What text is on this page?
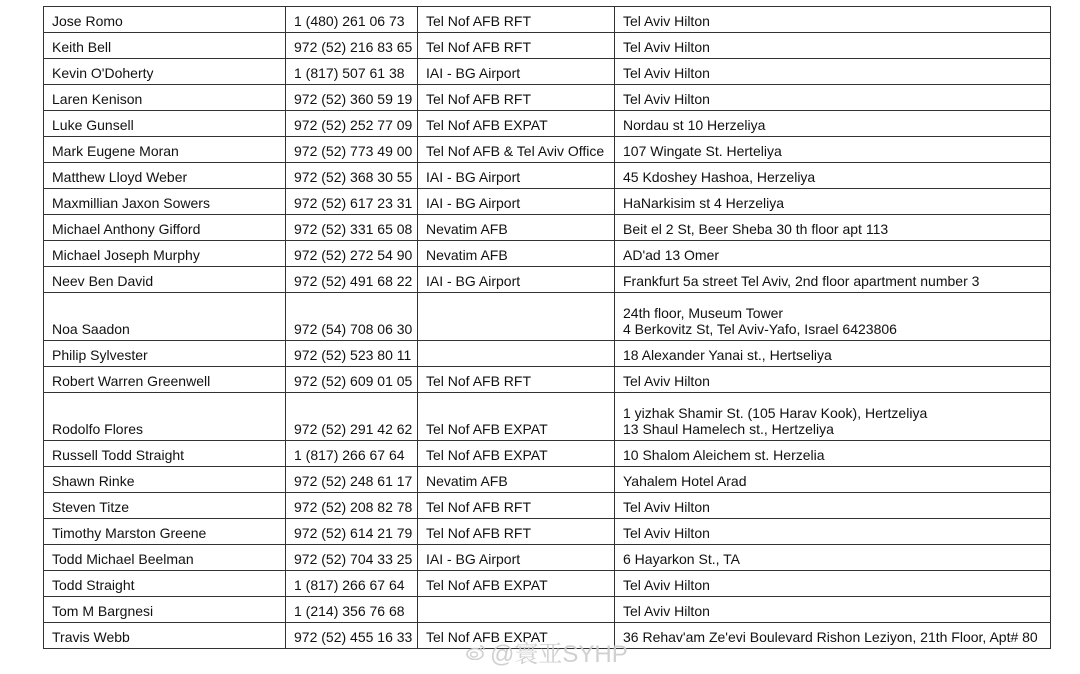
Jose Romo	1 (480) 261 06 73	Tel Nof AFB RFT	Tel Aviv Hilton

Keith Bell	972 (52) 216 83 65	Tel Nof AFB RFT	Tel Aviv Hilton

Kevin O'Doherty	1 (817) 507 61 38	IAI - BG Airport	Tel Aviv Hilton

Laren Kenison	972 (52) 360 59 19	Tel Nof AFB RFT	Tel Aviv Hilton

Luke Gunsell	972 (52) 252 77 09	Tel Nof AFB EXPAT	Nordau st 10 Herzeliya

Mark Eugene Moran	972 (52) 773 49 00	Tel Nof AFB & Tel Aviv Office	107 Wingate St. Herteliya

Matthew Lloyd Weber	972 (52) 368 30 55	IAI - BG Airport	45 Kdoshey Hashoa, Herzeliya

Maxmillian Jaxon Sowers	972 (52) 617 23 31	IAI - BG Airport	HaNarkisim st 4 Herzeliya

Michael Anthony Gifford	972 (52) 331 65 08	Nevatim AFB	Beit el 2 St, Beer Sheba 30 th floor apt 113

Michael Joseph Murphy	972 (52) 272 54 90	Nevatim AFB	AD'ad 13 Omer

Neev Ben David	972 (52) 491 68 22	IAI - BG Airport	Frankfurt 5a street Tel Aviv, 2nd floor apartment number 3

Noa Saadon	972 (54) 708 06 30		24th floor, Museum Tower
4 Berkovitz St, Tel Aviv-Yafo, Israel 6423806

Philip Sylvester	972 (52) 523 80 11		18 Alexander Yanai st., Hertseliya

Robert Warren Greenwell	972 (52) 609 01 05	Tel Nof AFB RFT	Tel Aviv Hilton

Rodolfo Flores	972 (52) 291 42 62	Tel Nof AFB EXPAT	1 yizhak Shamir St. (105 Harav Kook), Hertzeliya
13 Shaul Hamelech st., Hertzeliya

Russell Todd Straight	1 (817) 266 67 64	Tel Nof AFB EXPAT	10 Shalom Aleichem st. Herzelia

Shawn Rinke	972 (52) 248 61 17	Nevatim AFB	Yahalem Hotel Arad

Steven Titze	972 (52) 208 82 78	Tel Nof AFB RFT	Tel Aviv Hilton

Timothy Marston Greene	972 (52) 614 21 79	Tel Nof AFB RFT	Tel Aviv Hilton

Todd Michael Beelman	972 (52) 704 33 25	IAI - BG Airport	6 Hayarkon St., TA

Todd Straight	1 (817) 266 67 64	Tel Nof AFB EXPAT	Tel Aviv Hilton

Tom M Bargnesi	1 (214) 356 76 68		Tel Aviv Hilton

Travis Webb	972 (52) 455 16 33	Tel Nof AFB EXPAT	36 Rehav'am Ze'evi Boulevard Rishon Leziyon, 21th Floor, Apt# 80
@寰亚SYHP
